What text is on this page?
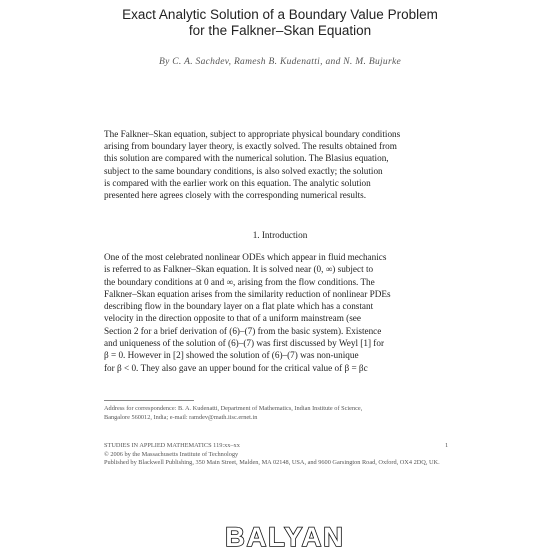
Exact Analytic Solution of a Boundary Value Problem
for the Falkner–Skan Equation
By C. A. Sachdev, Ramesh B. Kudenatti, and N. M. Bujurke
The Falkner–Skan equation, subject to appropriate physical boundary conditions
arising from boundary layer theory, is exactly solved. The results obtained from
this solution are compared with the numerical solution. The Blasius equation,
subject to the same boundary conditions, is also solved exactly; the solution
is compared with the earlier work on this equation. The analytic solution
presented here agrees closely with the corresponding numerical results.
1. Introduction
One of the most celebrated nonlinear ODEs which appear in fluid mechanics
is referred to as Falkner–Skan equation. It is solved near (0, ∞) subject to
the boundary conditions at 0 and ∞, arising from the flow conditions. The
Falkner–Skan equation arises from the similarity reduction of nonlinear PDEs
describing flow in the boundary layer on a flat plate which has a constant
velocity in the direction opposite to that of a uniform mainstream (see
Section 2 for a brief derivation of (6)–(7) from the basic system). Existence
and uniqueness of the solution of (6)–(7) was first discussed by Weyl [1] for
β = 0. However in [2] showed the solution of (6)–(7) was non-unique
for β < 0. They also gave an upper bound for the critical value of β = βc
Address for correspondence: B. A. Kudenatti, Department of Mathematics, Indian Institute of Science,
Bangalore 560012, India; e-mail: ramdev@math.iisc.ernet.in
STUDIES IN APPLIED MATHEMATICS 119:xx–xx
© 2006 by the Massachusetts Institute of Technology
Published by Blackwell Publishing, 350 Main Street, Malden, MA 02148, USA, and 9600 Garsington Road, Oxford, OX4 2DQ, UK.
1
BALYAN
